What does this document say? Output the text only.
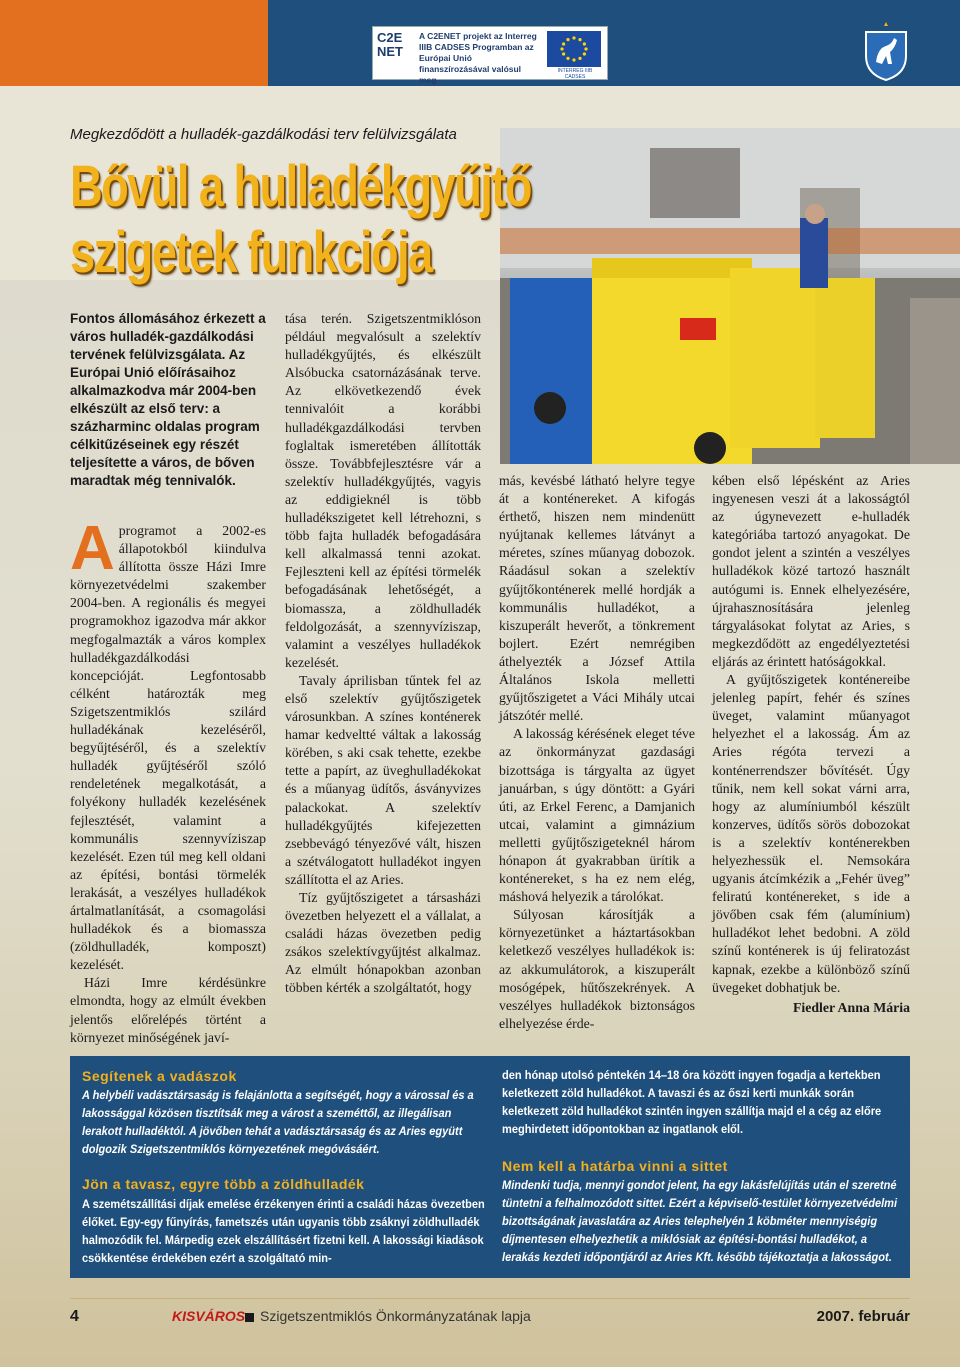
C2E
NET
A C2ENET projekt az Interreg IIIB CADSES Programban az Európai Unió finanszírozásával valósul meg
INTERREG IIIB CADSES
Megkezdődött a hulladék-gazdálkodási terv felülvizsgálata
Bővül a hulladékgyűjtő
szigetek funkciója
Fontos állomásához érkezett a város hulladék-gazdálkodási tervének felülvizsgálata. Az Európai Unió előírásaihoz alkalmazkodva már 2004-ben elkészült az első terv: a százharminc oldalas program célkitűzéseinek egy részét teljesítette a város, de bőven maradtak még tennivalók.

Aprogramot a 2002-es állapotokból kiindulva állította össze Házi Imre környezetvédelmi szakember 2004-ben. A regionális és megyei programokhoz igazodva már akkor megfogalmazták a város komplex hulladékgazdálkodási koncepcióját. Legfontosabb célként határozták meg Szigetszentmiklós szilárd hulladékának kezeléséről, begyűjtéséről, és a szelektív hulladék gyűjtéséről szóló rendeletének megalkotását, a folyékony hulladék kezelésének fejlesztését, valamint a kommunális szennyvíziszap kezelését. Ezen túl meg kell oldani az építési, bontási törmelék lerakását, a veszélyes hulladékok ártalmatlanítását, a csomagolási hulladékok és a biomassza (zöldhulladék, komposzt) kezelését.

Házi Imre kérdésünkre elmondta, hogy az elmúlt években jelentős előrelépés történt a környezet minőségének javí-

tása terén. Szigetszentmiklóson például megvalósult a szelektív hulladékgyűjtés, és elkészült Alsóbucka csatornázásának terve. Az elkövetkezendő évek tennivalóit a korábbi hulladékgazdálkodási tervben foglaltak ismeretében állították össze. Továbbfejlesztésre vár a szelektív hulladékgyűjtés, vagyis az eddigieknél is több hulladékszigetet kell létrehozni, s több fajta hulladék befogadására kell alkalmassá tenni azokat. Fejleszteni kell az építési törmelék befogadásának lehetőségét, a biomassza, a zöldhulladék feldolgozását, a szennyvíziszap, valamint a veszélyes hulladékok kezelését.

Tavaly áprilisban tűntek fel az első szelektív gyűjtőszigetek városunkban. A színes konténerek hamar kedveltté váltak a lakosság körében, s aki csak tehette, ezekbe tette a papírt, az üveghulladékokat és a műanyag üdítős, ásványvizes palackokat. A szelektív hulladékgyűjtés kifejezetten zsebbevágó tényezővé vált, hiszen a szétválogatott hulladékot ingyen szállította el az Aries.

Tíz gyűjtőszigetet a társasházi övezetben helyezett el a vállalat, a családi házas övezetben pedig zsákos szelektívgyűjtést alkalmaz. Az elmúlt hónapokban azonban többen kérték a szolgáltatót, hogy

más, kevésbé látható helyre tegye át a konténereket. A kifogás érthető, hiszen nem mindenütt nyújtanak kellemes látványt a méretes, színes műanyag dobozok. Ráadásul sokan a szelektív gyűjtőkonténerek mellé hordják a kommunális hulladékot, a kiszuperált heverőt, a tönkrement bojlert. Ezért nemrégiben áthelyezték a József Attila Általános Iskola melletti gyűjtőszigetet a Váci Mihály utcai játszótér mellé.

A lakosság kérésének eleget téve az önkormányzat gazdasági bizottsága is tárgyalta az ügyet januárban, s úgy döntött: a Gyári úti, az Erkel Ferenc, a Damjanich utcai, valamint a gimnázium melletti gyűjtőszigeteknél három hónapon át gyakrabban ürítik a konténereket, s ha ez nem elég, máshová helyezik a tárolókat.

Súlyosan károsítják a környezetünket a háztartásokban keletkező veszélyes hulladékok is: az akkumulátorok, a kiszuperált mosógépek, hűtőszekrények. A veszélyes hulladékok biztonságos elhelyezése érde-

kében első lépésként az Aries ingyenesen veszi át a lakosságtól az úgynevezett e-hulladék kategóriába tartozó anyagokat. De gondot jelent a szintén a veszélyes hulladékok közé tartozó használt autógumi is. Ennek elhelyezésére, újrahasznosítására jelenleg tárgyalásokat folytat az Aries, s megkezdődött az engedélyeztetési eljárás az érintett hatóságokkal.

A gyűjtőszigetek konténereibe jelenleg papírt, fehér és színes üveget, valamint műanyagot helyezhet el a lakosság. Ám az Aries régóta tervezi a konténerrendszer bővítését. Úgy tűnik, nem kell sokat várni arra, hogy az alumíniumból készült konzerves, üdítős sörös dobozokat is a szelektív konténerekben helyezhessük el. Nemsokára ugyanis átcímkézik a „Fehér üveg” feliratú konténereket, s ide a jövőben csak fém (alumínium) hulladékot lehet bedobni. A zöld színű konténerek is új feliratozást kapnak, ezekbe a különböző színű üvegeket dobhatjuk be.

Fiedler Anna Mária
Segítenek a vadászok
A helybéli vadásztársaság is felajánlotta a segítségét, hogy a várossal és a lakossággal közösen tisztítsák meg a várost a szeméttől, az illegálisan lerakott hulladéktól. A jövőben tehát a vadásztársaság és az Aries együtt dolgozik Szigetszentmiklós környezetének megóvásáért.
Jön a tavasz, egyre több a zöldhulladék
A szemétszállítási díjak emelése érzékenyen érinti a családi házas övezetben élőket. Egy-egy fűnyírás, fametszés után ugyanis több zsáknyi zöldhulladék halmozódik fel. Márpedig ezek elszállításért fizetni kell. A lakossági kiadások csökkentése érdekében ezért a szolgáltató min-
den hónap utolsó péntekén 14–18 óra között ingyen fogadja a kertekben keletkezett zöld hulladékot. A tavaszi és az őszi kerti munkák során keletkezett zöld hulladékot szintén ingyen szállítja majd el a cég az előre meghirdetett időpontokban az ingatlanok elől.
Nem kell a határba vinni a sittet
Mindenki tudja, mennyi gondot jelent, ha egy lakásfelújítás után el szeretné tüntetni a felhalmozódott sittet. Ezért a képviselő-testület környezetvédelmi bizottságának javaslatára az Aries telephelyén 1 köbméter mennyiségig díjmentesen elhelyezhetik a miklósiak az építési-bontási hulladékot, a lerakás kezdeti időpontjáról az Aries Kft. később tájékoztatja a lakosságot.
4	KISVÁROS Szigetszentmiklós Önkormányzatának lapja	2007. február
